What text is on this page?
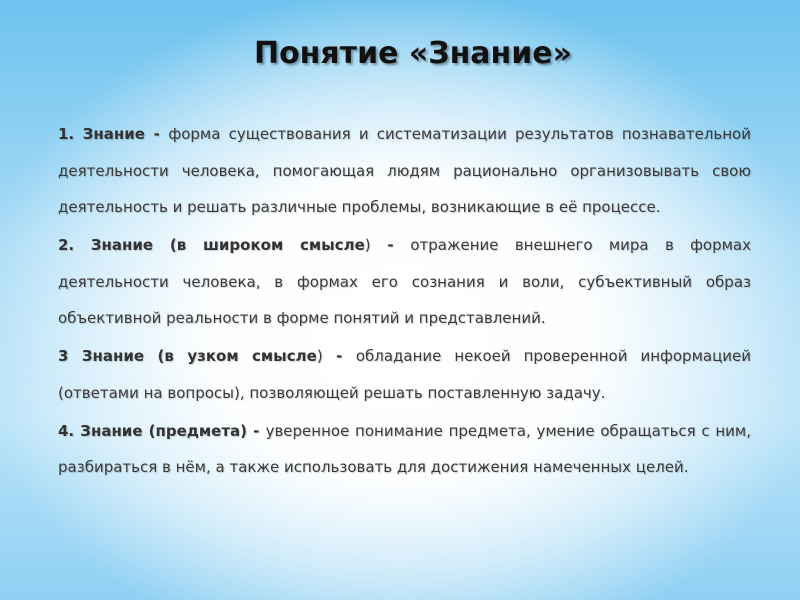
Понятие «Знание»

1. Знание - форма существования и систематизации результатов познавательной деятельности человека, помогающая людям рационально организовывать свою деятельность и решать различные проблемы, возникающие в её процессе.

2. Знание (в широком смысле) - отражение внешнего мира в формах деятельности человека, в формах его сознания и воли, субъективный образ объективной реальности в форме понятий и представлений.

3 Знание (в узком смысле) - обладание некоей проверенной информацией (ответами на вопросы), позволяющей решать поставленную задачу.

4. Знание (предмета) - уверенное понимание предмета, умение обращаться с ним, разбираться в нём, а также использовать для достижения намеченных целей.
